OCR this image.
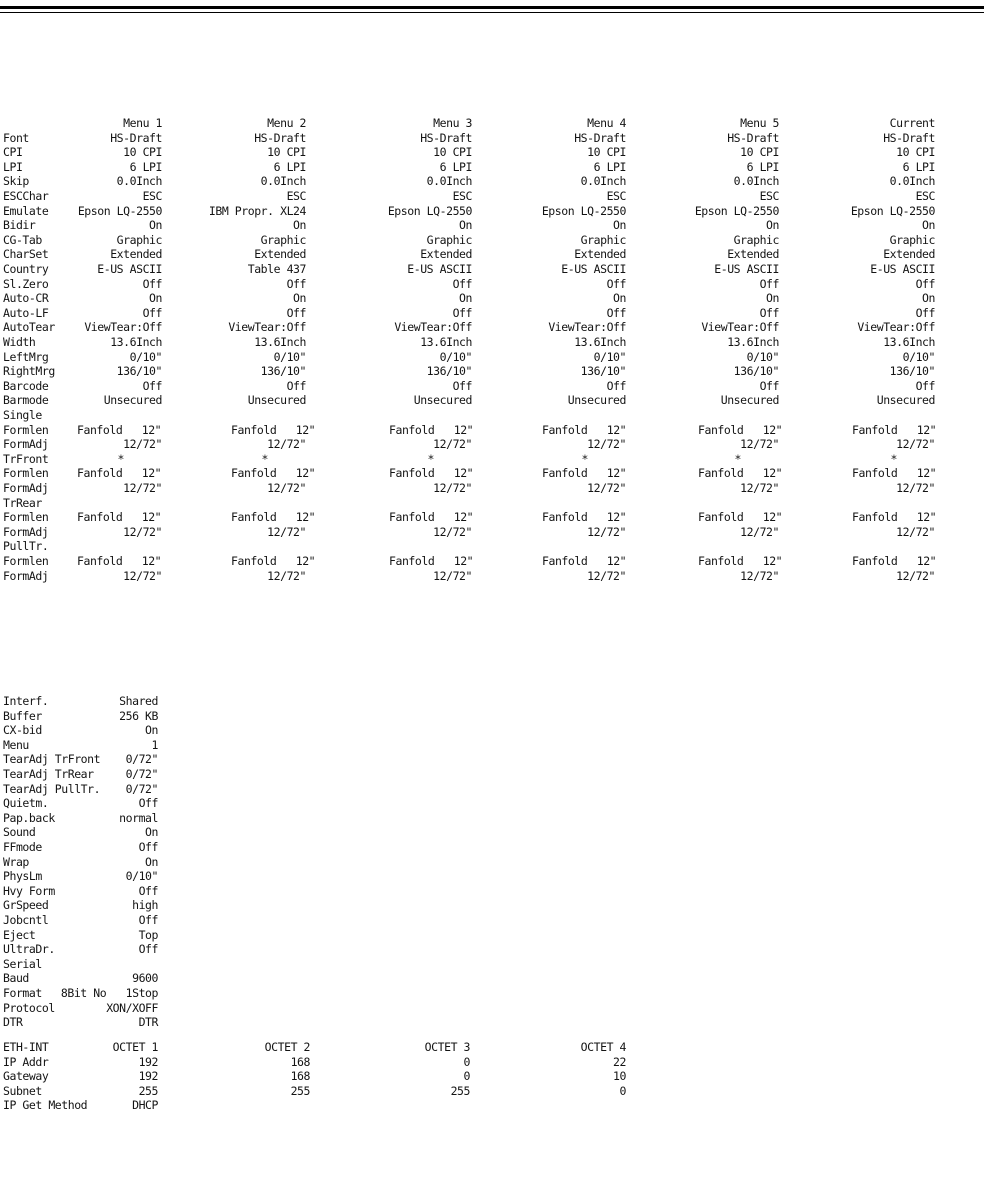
Menu 1	Menu 2	Menu 3	Menu 4	Menu 5	Current
Font	HS-Draft	HS-Draft	HS-Draft	HS-Draft	HS-Draft	HS-Draft
CPI	10 CPI	10 CPI	10 CPI	10 CPI	10 CPI	10 CPI
LPI	6 LPI	6 LPI	6 LPI	6 LPI	6 LPI	6 LPI
Skip	0.0Inch	0.0Inch	0.0Inch	0.0Inch	0.0Inch	0.0Inch
ESCChar	ESC	ESC	ESC	ESC	ESC	ESC
Emulate	Epson LQ-2550	IBM Propr. XL24	Epson LQ-2550	Epson LQ-2550	Epson LQ-2550	Epson LQ-2550
Bidir	On	On	On	On	On	On
CG-Tab	Graphic	Graphic	Graphic	Graphic	Graphic	Graphic
CharSet	Extended	Extended	Extended	Extended	Extended	Extended
Country	E-US ASCII	Table 437	E-US ASCII	E-US ASCII	E-US ASCII	E-US ASCII
Sl.Zero	Off	Off	Off	Off	Off	Off
Auto-CR	On	On	On	On	On	On
Auto-LF	Off	Off	Off	Off	Off	Off
AutoTear	ViewTear:Off	ViewTear:Off	ViewTear:Off	ViewTear:Off	ViewTear:Off	ViewTear:Off
Width	13.6Inch	13.6Inch	13.6Inch	13.6Inch	13.6Inch	13.6Inch
LeftMrg	0/10"	0/10"	0/10"	0/10"	0/10"	0/10"
RightMrg	136/10"	136/10"	136/10"	136/10"	136/10"	136/10"
Barcode	Off	Off	Off	Off	Off	Off
Barmode	Unsecured	Unsecured	Unsecured	Unsecured	Unsecured	Unsecured
Single
Formlen Fanfold   12"	Fanfold   12"	Fanfold   12"	Fanfold   12"	Fanfold   12"	Fanfold   12"
FormAdj	12/72"	12/72"	12/72"	12/72"	12/72"	12/72"
TrFront	*	*	*	*	*	*
Formlen Fanfold   12"	Fanfold   12"	Fanfold   12"	Fanfold   12"	Fanfold   12"	Fanfold   12"
FormAdj	12/72"	12/72"	12/72"	12/72"	12/72"	12/72"
TrRear
Formlen Fanfold   12"	Fanfold   12"	Fanfold   12"	Fanfold   12"	Fanfold   12"	Fanfold   12"
FormAdj	12/72"	12/72"	12/72"	12/72"	12/72"	12/72"
PullTr.
Formlen Fanfold   12"	Fanfold   12"	Fanfold   12"	Fanfold   12"	Fanfold   12"	Fanfold   12"
FormAdj	12/72"	12/72"	12/72"	12/72"	12/72"	12/72"
Interf.	Shared
Buffer	256 KB
CX-bid	On
Menu	1
TearAdj TrFront 0/72"
TearAdj TrRear	0/72"
TearAdj PullTr. 0/72"
Quietm.	Off
Pap.back	normal
Sound	On
FFmode	Off
Wrap	On
PhysLm	0/10"
Hvy Form	Off
GrSpeed	high
Jobcntl	Off
Eject	Top
UltraDr.	Off
Serial
Baud	9600
Format 8Bit No   1Stop
Protocol	XON/XOFF
DTR	DTR
ETH-INT	OCTET 1	OCTET 2	OCTET 3	OCTET 4
IP Addr	192	168	0	22
Gateway	192	168	0	10
Subnet	255	255	255	0
IP Get Method	DHCP
